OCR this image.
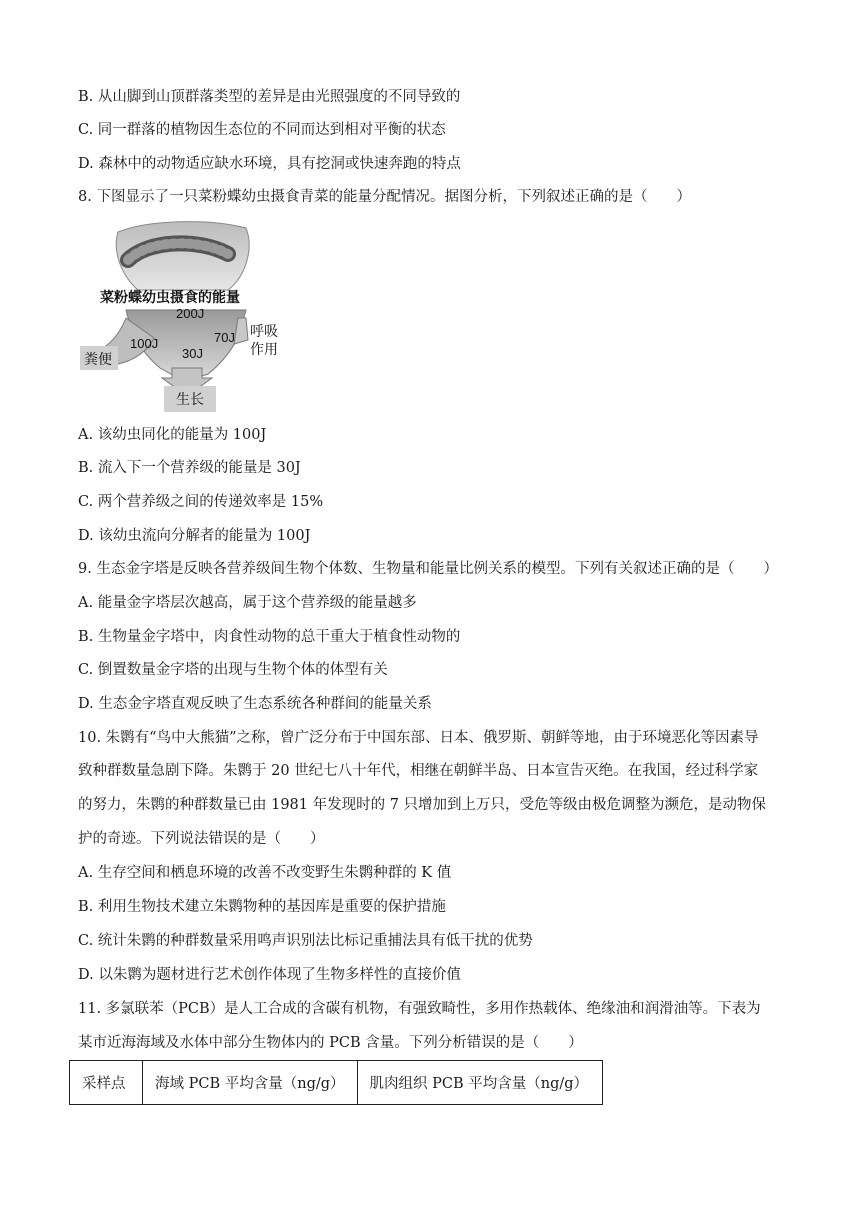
B. 从山脚到山顶群落类型的差异是由光照强度的不同导致的
C. 同一群落的植物因生态位的不同而达到相对平衡的状态
D. 森林中的动物适应缺水环境，具有挖洞或快速奔跑的特点
8. 下图显示了一只菜粉蝶幼虫摄食青菜的能量分配情况。据图分析，下列叙述正确的是（　　）
菜粉蝶幼虫摄食的能量
200J
100J
30J
70J 呼吸
作用
粪便
生长
A. 该幼虫同化的能量为 100J
B. 流入下一个营养级的能量是 30J
C. 两个营养级之间的传递效率是 15%
D. 该幼虫流向分解者的能量为 100J
9. 生态金字塔是反映各营养级间生物个体数、生物量和能量比例关系的模型。下列有关叙述正确的是（　　）
A. 能量金字塔层次越高，属于这个营养级的能量越多
B. 生物量金字塔中，肉食性动物的总干重大于植食性动物的
C. 倒置数量金字塔的出现与生物个体的体型有关
D. 生态金字塔直观反映了生态系统各种群间的能量关系
10. 朱鹮有“鸟中大熊猫”之称，曾广泛分布于中国东部、日本、俄罗斯、朝鲜等地，由于环境恶化等因素导
致种群数量急剧下降。朱鹮于 20 世纪七八十年代，相继在朝鲜半岛、日本宣告灭绝。在我国，经过科学家
的努力，朱鹮的种群数量已由 1981 年发现时的 7 只增加到上万只，受危等级由极危调整为濒危，是动物保
护的奇迹。下列说法错误的是（　　）
A. 生存空间和栖息环境的改善不改变野生朱鹮种群的 K 值
B. 利用生物技术建立朱鹮物种的基因库是重要的保护措施
C. 统计朱鹮的种群数量采用鸣声识别法比标记重捕法具有低干扰的优势
D. 以朱鹮为题材进行艺术创作体现了生物多样性的直接价值
11. 多氯联苯（PCB）是人工合成的含碳有机物，有强致畸性，多用作热载体、绝缘油和润滑油等。下表为
某市近海海域及水体中部分生物体内的 PCB 含量。下列分析错误的是（　　）
采样点	海域 PCB 平均含量（ng/g）	肌肉组织 PCB 平均含量（ng/g）
